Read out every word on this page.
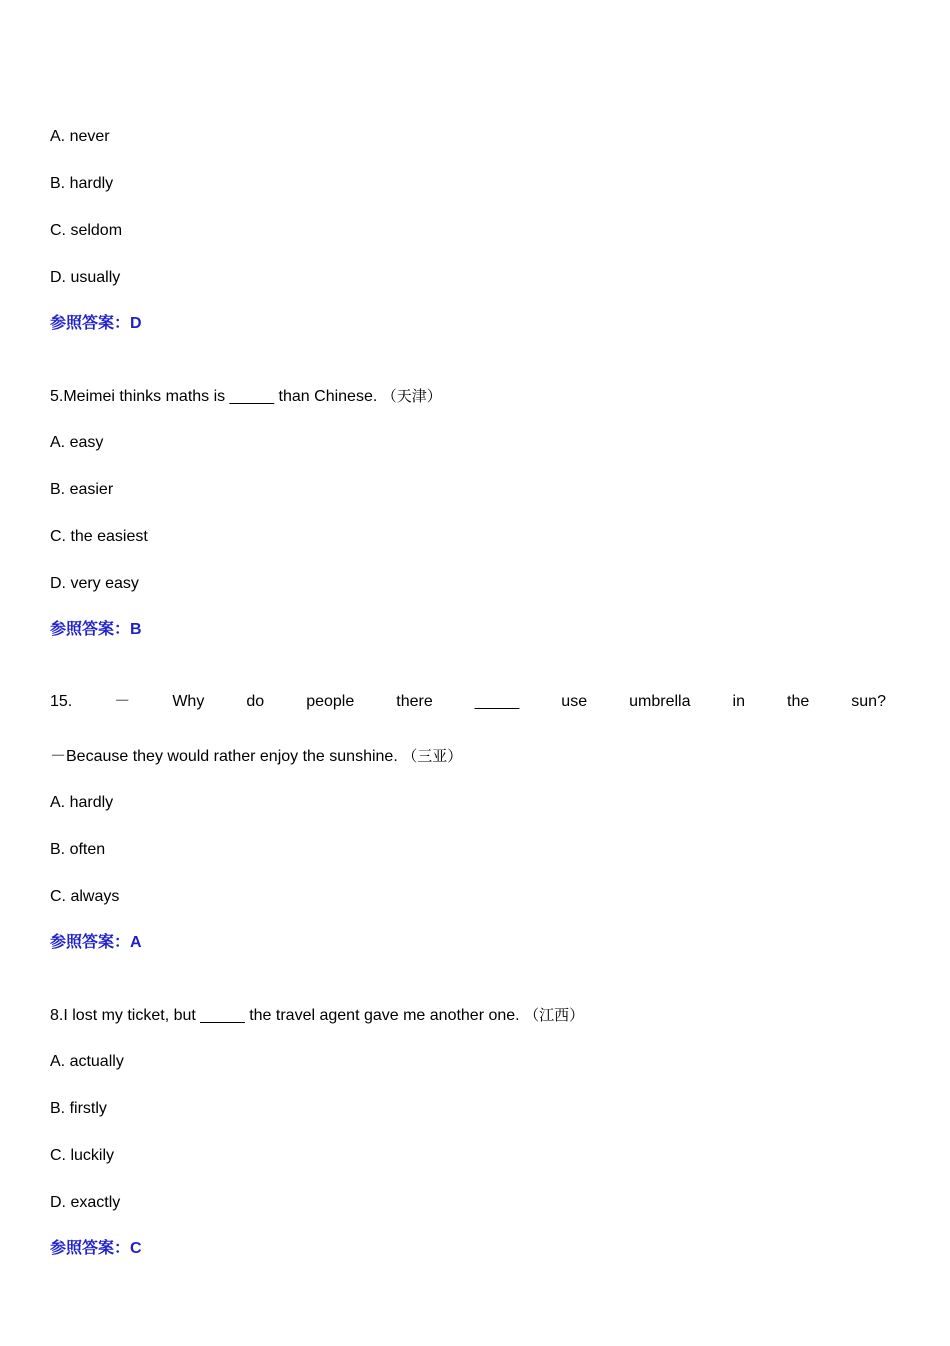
A. never
B. hardly
C. seldom
D. usually
参照答案：D
5.Meimei thinks maths is _____ than Chinese. （天津）
A. easy
B. easier
C. the easiest
D. very easy
参照答案：B
15.	－	Why	do	people	there	_____	use	umbrella	in	the	sun?
－Because they would rather enjoy the sunshine. （三亚）
A. hardly
B. often
C. always
参照答案：A
8.I lost my ticket, but _____ the travel agent gave me another one. （江西）
A. actually
B. firstly
C. luckily
D. exactly
参照答案：C
